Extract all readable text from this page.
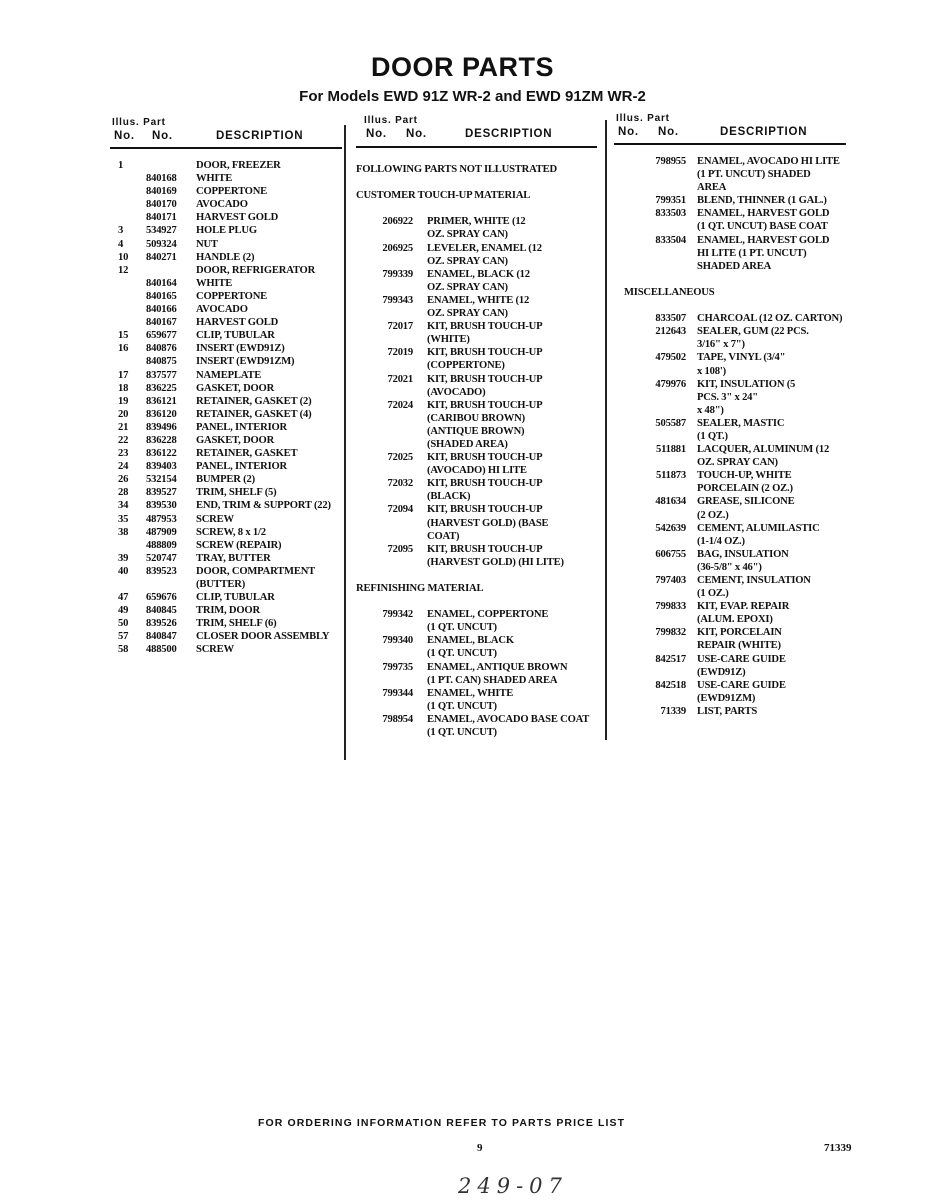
DOOR PARTS
For Models EWD 91Z WR-2 and EWD 91ZM WR-2
Illus. Part
No. No.	DESCRIPTION
Illus. Part
No. No.	DESCRIPTION
Illus. Part
No. No.	DESCRIPTION
1	DOOR, FREEZER
840168 WHITE
840169 COPPERTONE
840170 AVOCADO
840171 HARVEST GOLD
3	534927 HOLE PLUG
4	509324 NUT
10	840271 HANDLE (2)
12	DOOR, REFRIGERATOR
840164 WHITE
840165 COPPERTONE
840166 AVOCADO
840167 HARVEST GOLD
15	659677 CLIP, TUBULAR
16	840876 INSERT (EWD91Z)
840875 INSERT (EWD91ZM)
17	837577 NAMEPLATE
18	836225 GASKET, DOOR
19	836121 RETAINER, GASKET (2)
20	836120 RETAINER, GASKET (4)
21	839496 PANEL, INTERIOR
22	836228 GASKET, DOOR
23	836122 RETAINER, GASKET
24	839403 PANEL, INTERIOR
26	532154 BUMPER (2)
28	839527 TRIM, SHELF (5)
34	839530 END, TRIM & SUPPORT (22)
35	487953 SCREW
38	487909 SCREW, 8 x 1/2
488809 SCREW (REPAIR)
39	520747 TRAY, BUTTER
40	839523 DOOR, COMPARTMENT
(BUTTER)
47	659676 CLIP, TUBULAR
49	840845 TRIM, DOOR
50	839526 TRIM, SHELF (6)
57	840847 CLOSER DOOR ASSEMBLY
58	488500 SCREW
FOLLOWING PARTS NOT ILLUSTRATED
CUSTOMER TOUCH-UP MATERIAL
206922 PRIMER, WHITE (12
OZ. SPRAY CAN)
206925 LEVELER, ENAMEL (12
OZ. SPRAY CAN)
799339 ENAMEL, BLACK (12
OZ. SPRAY CAN)
799343 ENAMEL, WHITE (12
OZ. SPRAY CAN)
72017 KIT, BRUSH TOUCH-UP
(WHITE)
72019 KIT, BRUSH TOUCH-UP
(COPPERTONE)
72021 KIT, BRUSH TOUCH-UP
(AVOCADO)
72024 KIT, BRUSH TOUCH-UP
(CARIBOU BROWN)
(ANTIQUE BROWN)
(SHADED AREA)
72025 KIT, BRUSH TOUCH-UP
(AVOCADO) HI LITE
72032 KIT, BRUSH TOUCH-UP
(BLACK)
72094 KIT, BRUSH TOUCH-UP
(HARVEST GOLD) (BASE
COAT)
72095 KIT, BRUSH TOUCH-UP
(HARVEST GOLD) (HI LITE)
REFINISHING MATERIAL
799342 ENAMEL, COPPERTONE
(1 QT. UNCUT)
799340 ENAMEL, BLACK
(1 QT. UNCUT)
799735 ENAMEL, ANTIQUE BROWN
(1 PT. CAN) SHADED AREA
799344 ENAMEL, WHITE
(1 QT. UNCUT)
798954 ENAMEL, AVOCADO BASE COAT
(1 QT. UNCUT)
798955 ENAMEL, AVOCADO HI LITE
(1 PT. UNCUT) SHADED
AREA
799351 BLEND, THINNER (1 GAL.)
833503 ENAMEL, HARVEST GOLD
(1 QT. UNCUT) BASE COAT
833504 ENAMEL, HARVEST GOLD
HI LITE (1 PT. UNCUT)
SHADED AREA
MISCELLANEOUS
833507 CHARCOAL (12 OZ. CARTON)
212643 SEALER, GUM (22 PCS.
3/16" x 7")
479502 TAPE, VINYL (3/4"
x 108')
479976 KIT, INSULATION (5
PCS. 3" x 24"
x 48")
505587 SEALER, MASTIC
(1 QT.)
511881 LACQUER, ALUMINUM (12
OZ. SPRAY CAN)
511873 TOUCH-UP, WHITE
PORCELAIN (2 OZ.)
481634 GREASE, SILICONE
(2 OZ.)
542639 CEMENT, ALUMILASTIC
(1-1/4 OZ.)
606755 BAG, INSULATION
(36-5/8" x 46")
797403 CEMENT, INSULATION
(1 OZ.)
799833 KIT, EVAP. REPAIR
(ALUM. EPOXI)
799832 KIT, PORCELAIN
REPAIR (WHITE)
842517 USE-CARE GUIDE
(EWD91Z)
842518 USE-CARE GUIDE
(EWD91ZM)
71339 LIST, PARTS
FOR ORDERING INFORMATION REFER TO PARTS PRICE LIST
9	71339
249-07
